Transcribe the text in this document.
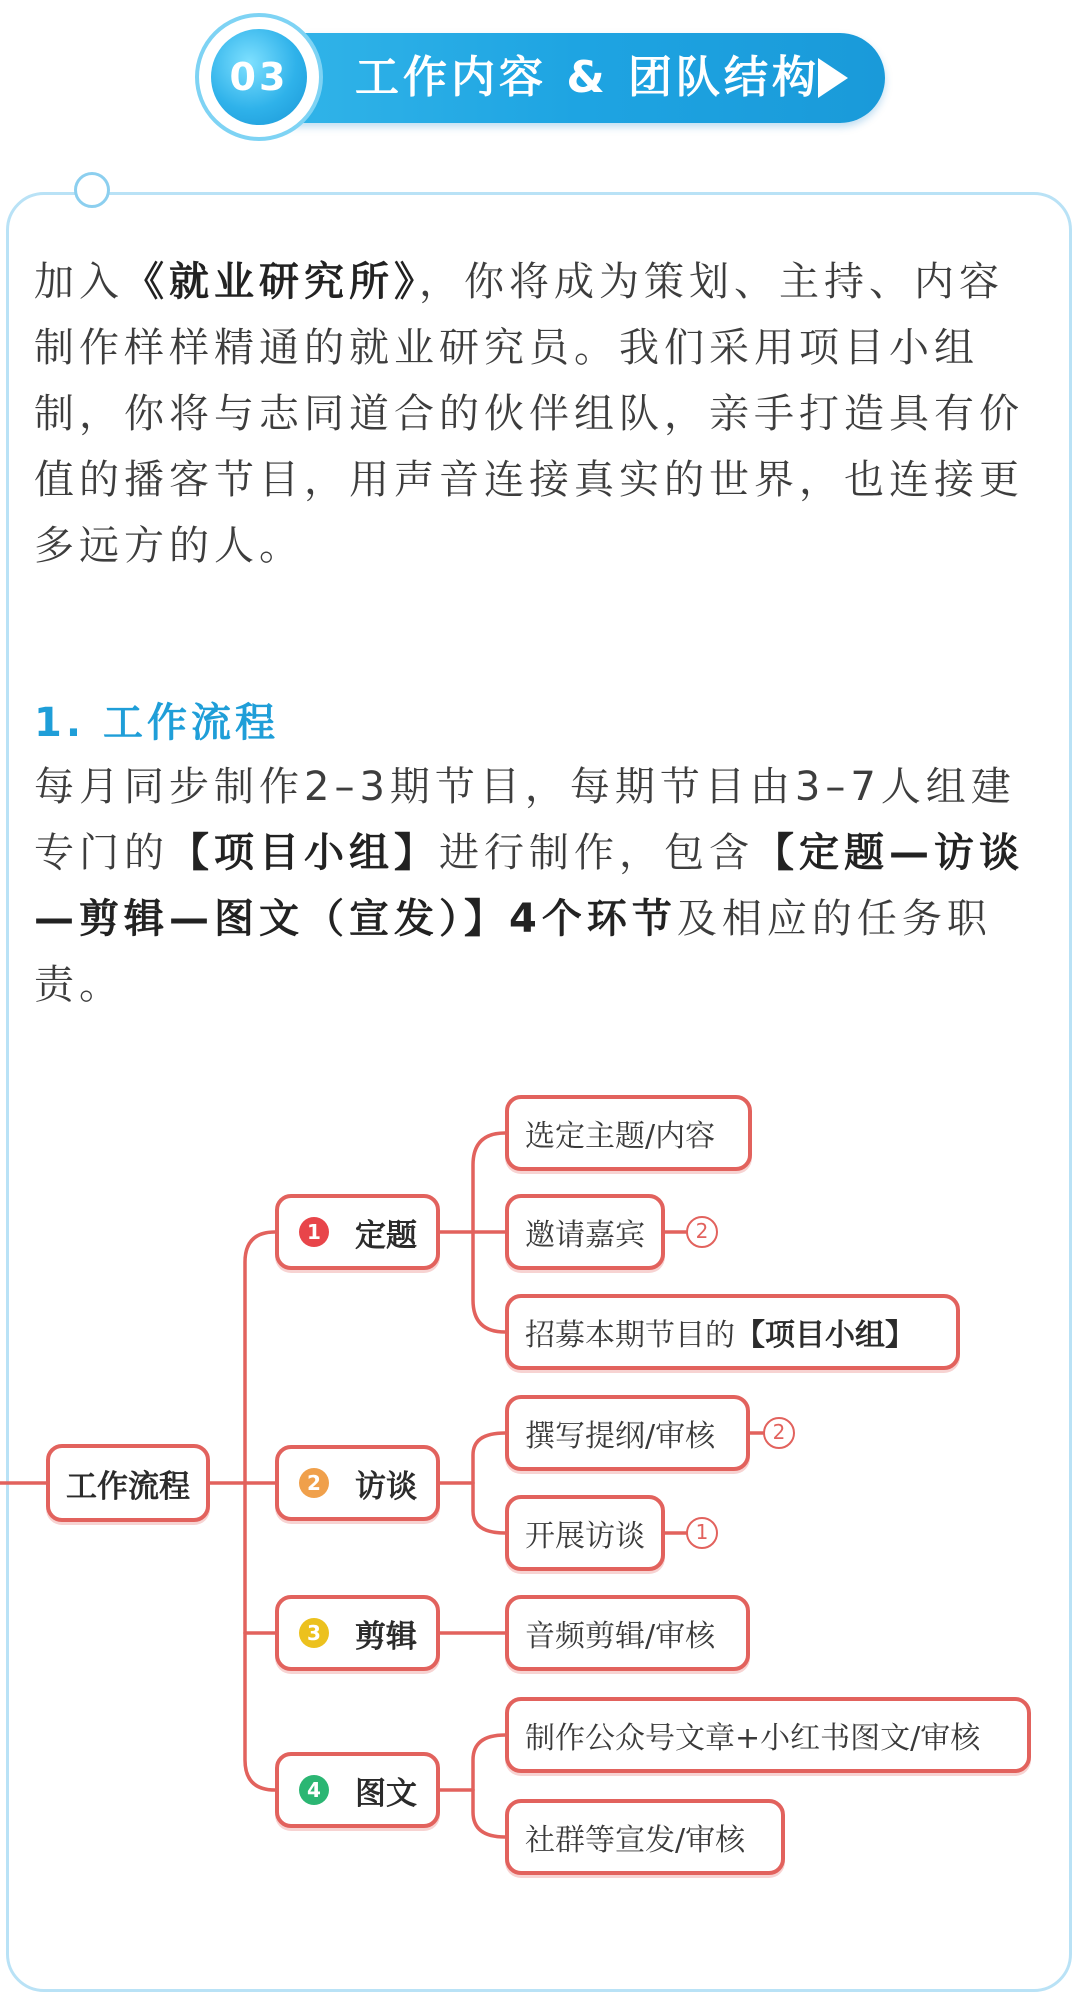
工作内容 & 团队结构
03

加入《就业研究所》，你将成为策划、主持、内容制作样样精通的就业研究员。我们采用项目小组制，你将与志同道合的伙伴组队，亲手打造具有价值的播客节目，用声音连接真实的世界，也连接更多远方的人。

1. 工作流程

每月同步制作2–3期节目，每期节目由3–7人组建专门的【项目小组】进行制作，包含【定题—访谈—剪辑—图文（宣发）】4个环节及相应的任务职责。

工作流程
1 定题
选定主题/内容
邀请嘉宾	2
招募本期节目的 【项目小组】
2 访谈
撰写提纲/审核	2
开展访谈	1
3 剪辑	音频剪辑/审核
4 图文
制作公众号文章+小红书图文/审核
社群等宣发/审核
